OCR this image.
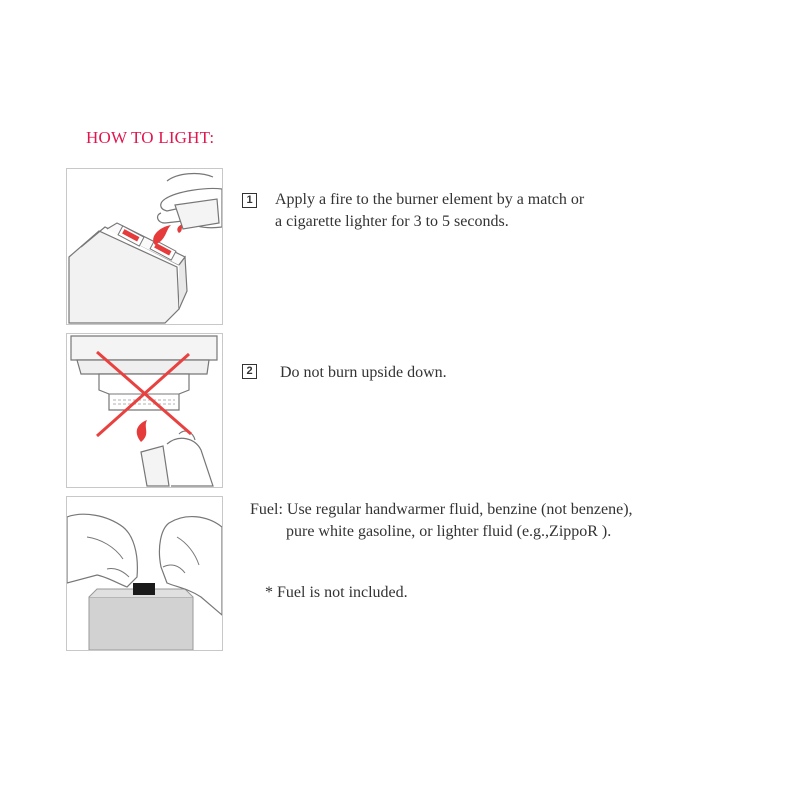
HOW TO LIGHT:
1 Apply a fire to the burner element by a match or
a cigarette lighter for 3 to 5 seconds.
2 Do not burn upside down.
Fuel: Use regular handwarmer fluid, benzine (not benzene),
pure white gasoline, or lighter fluid (e.g.,ZippoR ).
* Fuel is not included.
